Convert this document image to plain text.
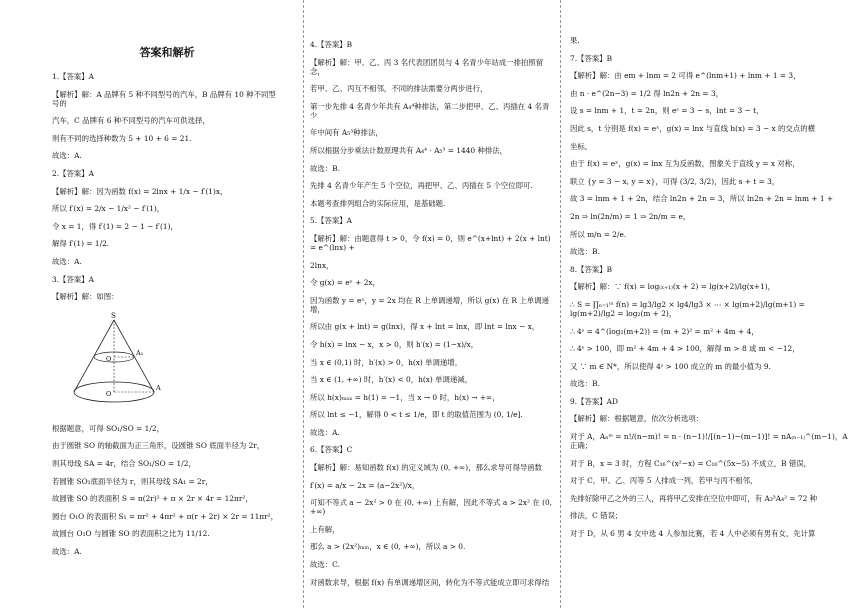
答案和解析

1.【答案】A

【解析】解：A 品牌有 5 种不同型号的汽车，B 品牌有 10 种不同型号的

汽车，C 品牌有 6 种不同型号的汽车可供选择，

则有不同的选择种数为 5 + 10 + 6 = 21.

故选：A.

2.【答案】A

【解析】解：因为函数 f(x) = 2lnx + 1/x − f′(1)x，

所以 f′(x) = 2/x − 1/x² − f′(1)，

令 x = 1，得 f′(1) = 2 − 1 − f′(1)，

解得 f′(1) = 1/2.

故选：A.

3.【答案】A

【解析】解：如图：

S
O
A₁
O
A

根据题意，可得 SO₁/SO = 1/2，

由于圆锥 SO 的轴截面为正三角形，设圆锥 SO 底面半径为 2r，

则其母线 SA = 4r，结合 SO₁/SO = 1/2，

若圆锥 SO₁底面半径为 r，则其母线 SA₁ = 2r，

故圆锥 SO 的表面积 S = π(2r)² + π × 2r × 4r = 12πr²，

圆台 O₁O 的表面积 S₁ = πr² + 4πr² + π(r + 2r) × 2r = 11πr²，

故圆台 O₁O 与圆锥 SO 的表面积之比为 11/12.

故选：A.

4.【答案】B

【解析】解：甲、乙、丙 3 名代表团团员与 4 名青少年站成一排拍照留念，

若甲、乙、丙互不相邻，不同的排法需要分两步进行，

第一步先排 4 名青少年共有 A₄⁴种排法，第二步把甲、乙、丙插在 4 名青少

年中间有 A₅³种排法，

所以根据分步乘法计数原理共有 A₄⁴ · A₅³ = 1440 种排法，

故选：B.

先排 4 名青少年产生 5 个空位，再把甲、乙、丙插在 5 个空位即可.

本题考查排列组合的实际应用，是基础题.

5.【答案】A

【解析】解：由题意得 t > 0，令 f(x) = 0，则 e^(x+lnt) + 2(x + lnt) = e^(lnx) +

2lnx，

令 g(x) = eˣ + 2x，

因为函数 y = eˣ，y = 2x 均在 R 上单调递增，所以 g(x) 在 R 上单调递增，

所以由 g(x + lnt) = g(lnx)，得 x + lnt = lnx，即 lnt = lnx − x，

令 h(x) = lnx − x，x > 0，则 h′(x) = (1−x)/x，

当 x ∈ (0,1) 时，h′(x) > 0，h(x) 单调递增，

当 x ∈ (1, +∞) 时，h′(x) < 0，h(x) 单调递减，

所以 h(x)ₘₐₓ = h(1) = −1，当 x → 0 时，h(x) → +∞，

所以 lnt ≤ −1，解得 0 < t ≤ 1/e，即 t 的取值范围为 (0, 1/e].

故选：A.

6.【答案】C

【解析】解：易知函数 f(x) 的定义域为 (0, +∞)，那么求导可得导函数

f′(x) = a/x − 2x = (a−2x²)/x，

可知不等式 a − 2x² > 0 在 (0, +∞) 上有解，因此不等式 a > 2x² 在 (0, +∞)

上有解，

那么 a > (2x²)ₘᵢₙ，x ∈ (0, +∞)，所以 a > 0.

故选：C.

对函数求导，根据 f(x) 有单调递增区间，转化为不等式能成立即可求得结

果.

7.【答案】B

【解析】解：由 em + lnm = 2 可得 e^(lnm+1) + lnm + 1 = 3，

由 n · e^(2n−3) = 1/2 得 ln2n + 2n = 3，

设 s = lnm + 1，t = 2n，则 eˢ = 3 − s，lnt = 3 − t，

因此 s，t 分别是 f(x) = eˣ，g(x) = lnx 与直线 h(x) = 3 − x 的交点的横

坐标，

由于 f(x) = eˣ，g(x) = lnx 互为反函数，图象关于直线 y = x 对称，

联立 {y = 3 − x, y = x}，可得 (3/2, 3/2)，因此 s + t = 3，

故 3 = lnm + 1 + 2n，结合 ln2n + 2n = 3，所以 ln2n + 2n = lnm + 1 +

2n ⇒ ln(2n/m) = 1 ⇒ 2n/m = e，

所以 m/n = 2/e.

故选：B.

8.【答案】B

【解析】解：∵ f(x) = log₍ₓ₊₁₎(x + 2) = lg(x+2)/lg(x+1)，

∴ S = ∏ₙ₌₁ᵐ f(n) = lg3/lg2 × lg4/lg3 × ⋯ × lg(m+2)/lg(m+1) = lg(m+2)/lg2 = log₂(m + 2)，

∴ 4ˢ = 4^(log₂(m+2)) = (m + 2)² = m² + 4m + 4，

∴ 4ˢ > 100，即 m² + 4m + 4 > 100，解得 m > 8 或 m < −12，

又 ∵ m ∈ N*，所以使得 4ˢ > 100 成立的 m 的最小值为 9.

故选：B.

9.【答案】AD

【解析】解：根据题意，依次分析选项：

对于 A，Aₙᵐ = n!/(n−m)! = n · (n−1)!/[(n−1)−(m−1)]! = nA₍ₙ₋₁₎^(m−1)，A 正确；

对于 B，x = 3 时，方程 C₁₆^(x²−x) = C₁₆^(5x−5) 不成立，B 错误，

对于 C，甲、乙、丙等 5 人排成一列，若甲与丙不相邻，

先排好除甲乙之外的三人，再将甲乙安排在空位中即可，有 A₃³A₄² = 72 种

排法，C 错误；

对于 D，从 6 男 4 女中选 4 人参加比赛，若 4 人中必须有男有女，先计算
